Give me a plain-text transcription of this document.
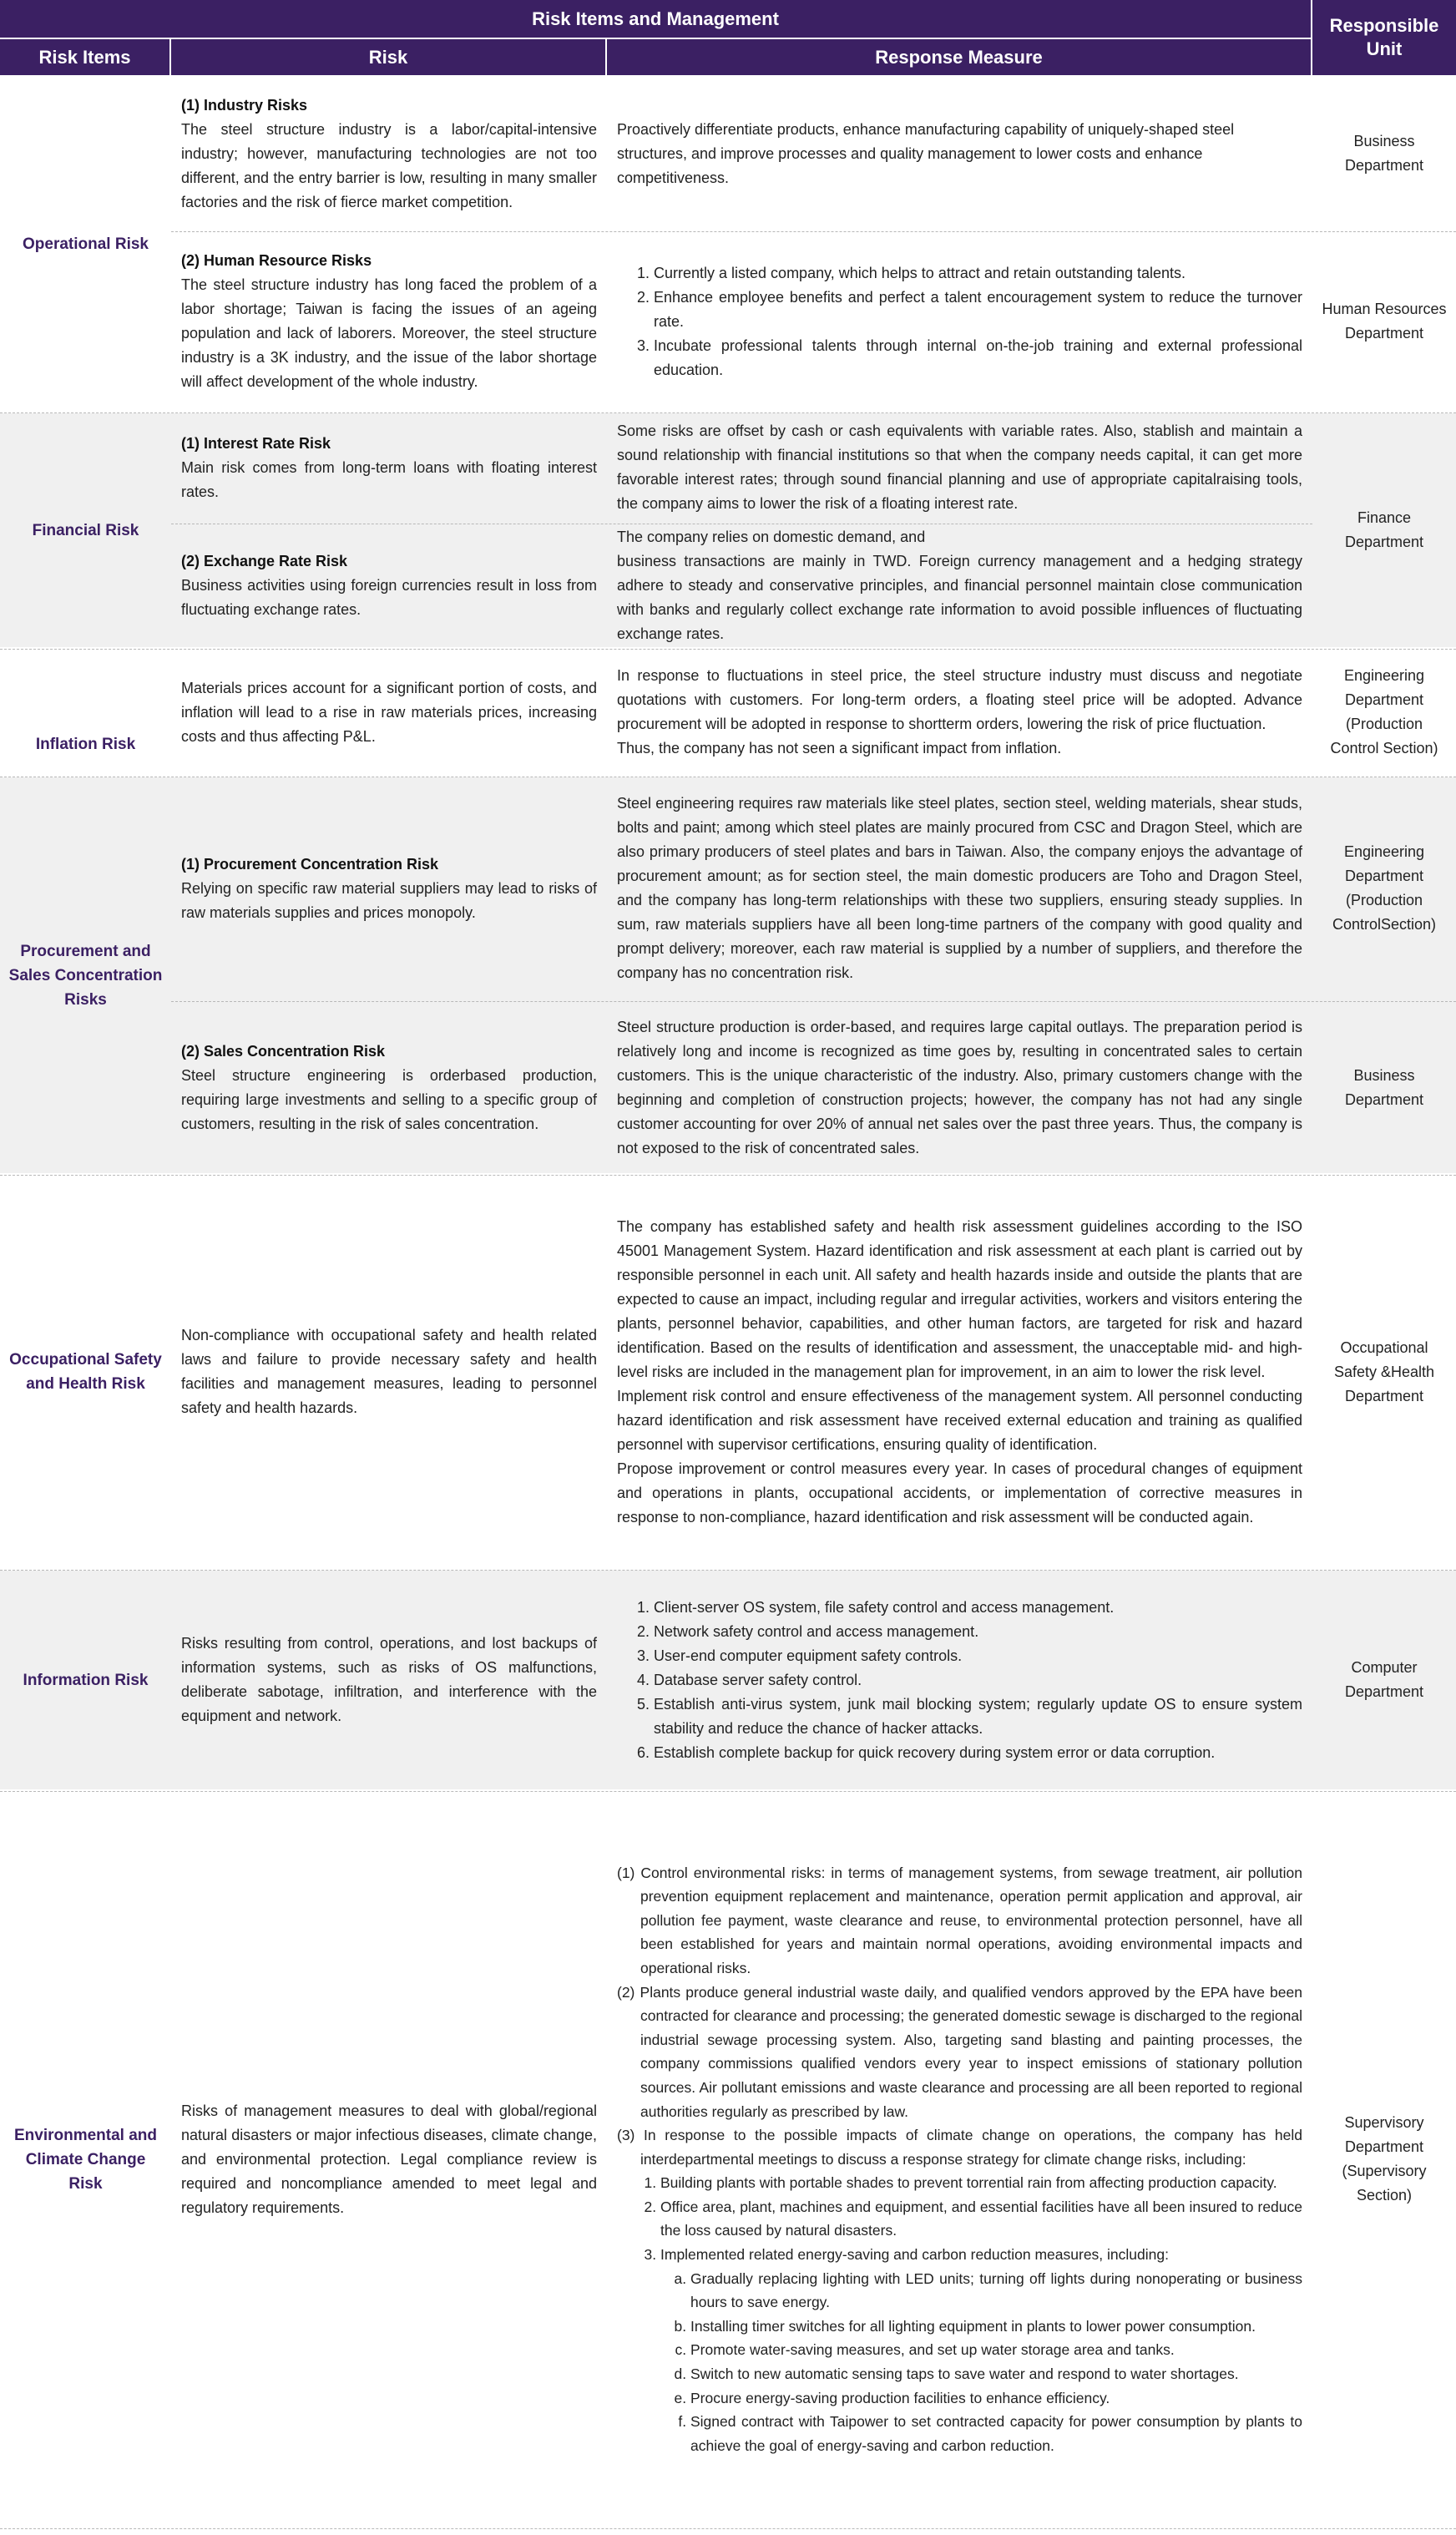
Risk Items and Management
Risk Items	Risk	Response Measure
Responsible Unit
Operational Risk
(1) Industry Risks
The steel structure industry is a labor/capital-intensive industry; however, manufacturing technologies are not too different, and the entry barrier is low, resulting in many smaller factories and the risk of fierce market competition.
Proactively differentiate products, enhance manufacturing capability of uniquely-shaped steel structures, and improve processes and quality management to lower costs and enhance competitiveness.
Business Department
(2) Human Resource Risks
The steel structure industry has long faced the problem of a labor shortage; Taiwan is facing the issues of an ageing population and lack of laborers. Moreover, the steel structure industry is a 3K industry, and the issue of the labor shortage will affect development of the whole industry.
1. Currently a listed company, which helps to attract and retain outstanding talents.
2. Enhance employee benefits and perfect a talent encouragement system to reduce the turnover rate.
3. Incubate professional talents through internal on-the-job training and external professional education.
Human Resources Department
Financial Risk
(1) Interest Rate Risk
Main risk comes from long-term loans with floating interest rates.
Some risks are offset by cash or cash equivalents with variable rates. Also, stablish and maintain a sound relationship with financial institutions so that when the company needs capital, it can get more favorable interest rates; through sound financial planning and use of appropriate capitalraising tools, the company aims to lower the risk of a floating interest rate.
(2) Exchange Rate Risk
Business activities using foreign currencies result in loss from fluctuating exchange rates.
The company relies on domestic demand, and
business transactions are mainly in TWD. Foreign currency management and a hedging strategy adhere to steady and conservative principles, and financial personnel maintain close communication with banks and regularly collect exchange rate information to avoid possible influences of fluctuating exchange rates.
Finance Department
Inflation Risk
Materials prices account for a significant portion of costs, and inflation will lead to a rise in raw materials prices, increasing costs and thus affecting P&L.
In response to fluctuations in steel price, the steel structure industry must discuss and negotiate quotations with customers. For long-term orders, a floating steel price will be adopted. Advance procurement will be adopted in response to shortterm orders, lowering the risk of price fluctuation.
Thus, the company has not seen a significant impact from inflation.
Engineering Department (Production Control Section)
Procurement and Sales Concentration Risks
(1) Procurement Concentration Risk
Relying on specific raw material suppliers may lead to risks of raw materials supplies and prices monopoly.
Steel engineering requires raw materials like steel plates, section steel, welding materials, shear studs, bolts and paint; among which steel plates are mainly procured from CSC and Dragon Steel, which are also primary producers of steel plates and bars in Taiwan. Also, the company enjoys the advantage of procurement amount; as for section steel, the main domestic producers are Toho and Dragon Steel, and the company has long-term relationships with these two suppliers, ensuring steady supplies. In sum, raw materials suppliers have all been long-time partners of the company with good quality and prompt delivery; moreover, each raw material is supplied by a number of suppliers, and therefore the company has no concentration risk.
Engineering Department (Production ControlSection)
(2) Sales Concentration Risk
Steel structure engineering is orderbased production, requiring large investments and selling to a specific group of customers, resulting in the risk of sales concentration.
Steel structure production is order-based, and requires large capital outlays. The preparation period is relatively long and income is recognized as time goes by, resulting in concentrated sales to certain customers. This is the unique characteristic of the industry. Also, primary customers change with the beginning and completion of construction projects; however, the company has not had any single customer accounting for over 20% of annual net sales over the past three years. Thus, the company is not exposed to the risk of concentrated sales.
Business Department
Occupational Safety and Health Risk
Non-compliance with occupational safety and health related laws and failure to provide necessary safety and health facilities and management measures, leading to personnel safety and health hazards.
The company has established safety and health risk assessment guidelines according to the ISO 45001 Management System. Hazard identification and risk assessment at each plant is carried out by responsible personnel in each unit. All safety and health hazards inside and outside the plants that are expected to cause an impact, including regular and irregular activities, workers and visitors entering the plants, personnel behavior, capabilities, and other human factors, are targeted for risk and hazard identification. Based on the results of identification and assessment, the unacceptable mid- and high-level risks are included in the management plan for improvement, in an aim to lower the risk level.
Implement risk control and ensure effectiveness of the management system. All personnel conducting hazard identification and risk assessment have received external education and training as qualified personnel with supervisor certifications, ensuring quality of identification.
Propose improvement or control measures every year. In cases of procedural changes of equipment and operations in plants, occupational accidents, or implementation of corrective measures in response to non-compliance, hazard identification and risk assessment will be conducted again.
Occupational Safety &Health Department
Information Risk
Risks resulting from control, operations, and lost backups of information systems, such as risks of OS malfunctions, deliberate sabotage, infiltration, and interference with the equipment and network.
1. Client-server OS system, file safety control and access management.
2. Network safety control and access management.
3. User-end computer equipment safety controls.
4. Database server safety control.
5. Establish anti-virus system, junk mail blocking system; regularly update OS to ensure system stability and reduce the chance of hacker attacks.
6. Establish complete backup for quick recovery during system error or data corruption.
Computer Department
Environmental and Climate Change Risk
Risks of management measures to deal with global/regional natural disasters or major infectious diseases, climate change, and environmental protection. Legal compliance review is required and noncompliance amended to meet legal and regulatory requirements.
(1) Control environmental risks: in terms of management systems, from sewage treatment, air pollution prevention equipment replacement and maintenance, operation permit application and approval, air pollution fee payment, waste clearance and reuse, to environmental protection personnel, have all been established for years and maintain normal operations, avoiding environmental impacts and operational risks.
(2) Plants produce general industrial waste daily, and qualified vendors approved by the EPA have been contracted for clearance and processing; the generated domestic sewage is discharged to the regional industrial sewage processing system. Also, targeting sand blasting and painting processes, the company commissions qualified vendors every year to inspect emissions of stationary pollution sources. Air pollutant emissions and waste clearance and processing are all been reported to regional authorities regularly as prescribed by law.
(3) In response to the possible impacts of climate change on operations, the company has held interdepartmental meetings to discuss a response strategy for climate change risks, including:
1. Building plants with portable shades to prevent torrential rain from affecting production capacity.
2. Office area, plant, machines and equipment, and essential facilities have all been insured to reduce the loss caused by natural disasters.
3. Implemented related energy-saving and carbon reduction measures, including:
a. Gradually replacing lighting with LED units; turning off lights during nonoperating or business hours to save energy.
b. Installing timer switches for all lighting equipment in plants to lower power consumption.
c. Promote water-saving measures, and set up water storage area and tanks.
d. Switch to new automatic sensing taps to save water and respond to water shortages.
e. Procure energy-saving production facilities to enhance efficiency.
f. Signed contract with Taipower to set contracted capacity for power consumption by plants to achieve the goal of energy-saving and carbon reduction.
Supervisory Department (Supervisory Section)
